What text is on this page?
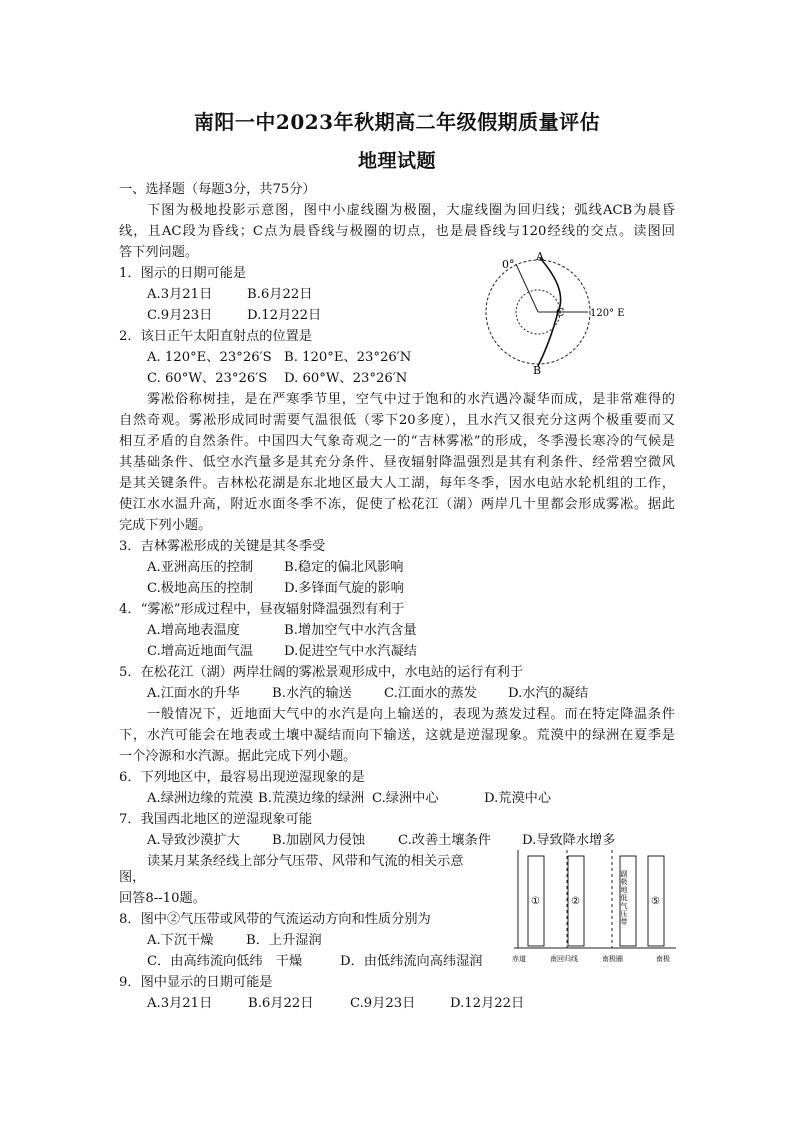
南阳一中2023年秋期高二年级假期质量评估
地理试题
一、选择题（每题3分，共75分）
下图为极地投影示意图，图中小虚线圈为极圈，大虚线圈为回归线；弧线ACB为晨昏
线，且AC段为昏线；C点为晨昏线与极圈的切点，也是晨昏线与120经线的交点。读图回
答下列问题。
0°
A
C
B
120° E
1．图示的日期可能是
A.3月21日	B.6月22日
C.9月23日	D.12月22日
2．该日正午太阳直射点的位置是
A. 120°E、23°26′S B. 120°E、23°26′N
C. 60°W、23°26′S D. 60°W、23°26′N
雾凇俗称树挂，是在严寒季节里，空气中过于饱和的水汽遇冷凝华而成，是非常难得的
自然奇观。雾凇形成同时需要气温很低（零下20多度），且水汽又很充分这两个极重要而又
相互矛盾的自然条件。中国四大气象奇观之一的“吉林雾凇”的形成，冬季漫长寒冷的气候是
其基础条件、低空水汽量多是其充分条件、昼夜辐射降温强烈是其有利条件、经常碧空微风
是其关键条件。吉林松花湖是东北地区最大人工湖，每年冬季，因水电站水轮机组的工作，
使江水水温升高，附近水面冬季不冻，促使了松花江（湖）两岸几十里都会形成雾凇。据此
完成下列小题。
3．吉林雾凇形成的关键是其冬季受
A.亚洲高压的控制 B.稳定的偏北风影响
C.极地高压的控制 D.多锋面气旋的影响
4．“雾凇”形成过程中，昼夜辐射降温强烈有利于
A.增高地表温度	B.增加空气中水汽含量
C.增高近地面气温 D.促进空气中水汽凝结
5．在松花江（湖）两岸壮阔的雾凇景观形成中，水电站的运行有利于
A.江面水的升华 B.水汽的输送 C.江面水的蒸发 D.水汽的凝结
一般情况下，近地面大气中的水汽是向上输送的，表现为蒸发过程。而在特定降温条件
下，水汽可能会在地表或土壤中凝结而向下输送，这就是逆湿现象。荒漠中的绿洲在夏季是
一个冷源和水汽源。据此完成下列小题。
6．下列地区中，最容易出现逆湿现象的是
A.绿洲边缘的荒漠 B.荒漠边缘的绿洲 C.绿洲中心	D.荒漠中心
7．我国西北地区的逆湿现象可能
A.导致沙漠扩大 B.加剧风力侵蚀 C.改善土壤条件 D.导致降水增多
读某月某条经线上部分气压带、风带和气流的相关示意
图，
回答8--10题。	①	②	副极地低气压带 ⑤
赤道	南回归线	南极圈	南极
8．图中②气压带或风带的气流运动方向和性质分别为
A.下沉干燥 B．上升湿润
C．由高纬流向低纬　干燥	D．由低纬流向高纬湿润
9．图中显示的日期可能是
A.3月21日	B.6月22日	C.9月23日	D.12月22日
